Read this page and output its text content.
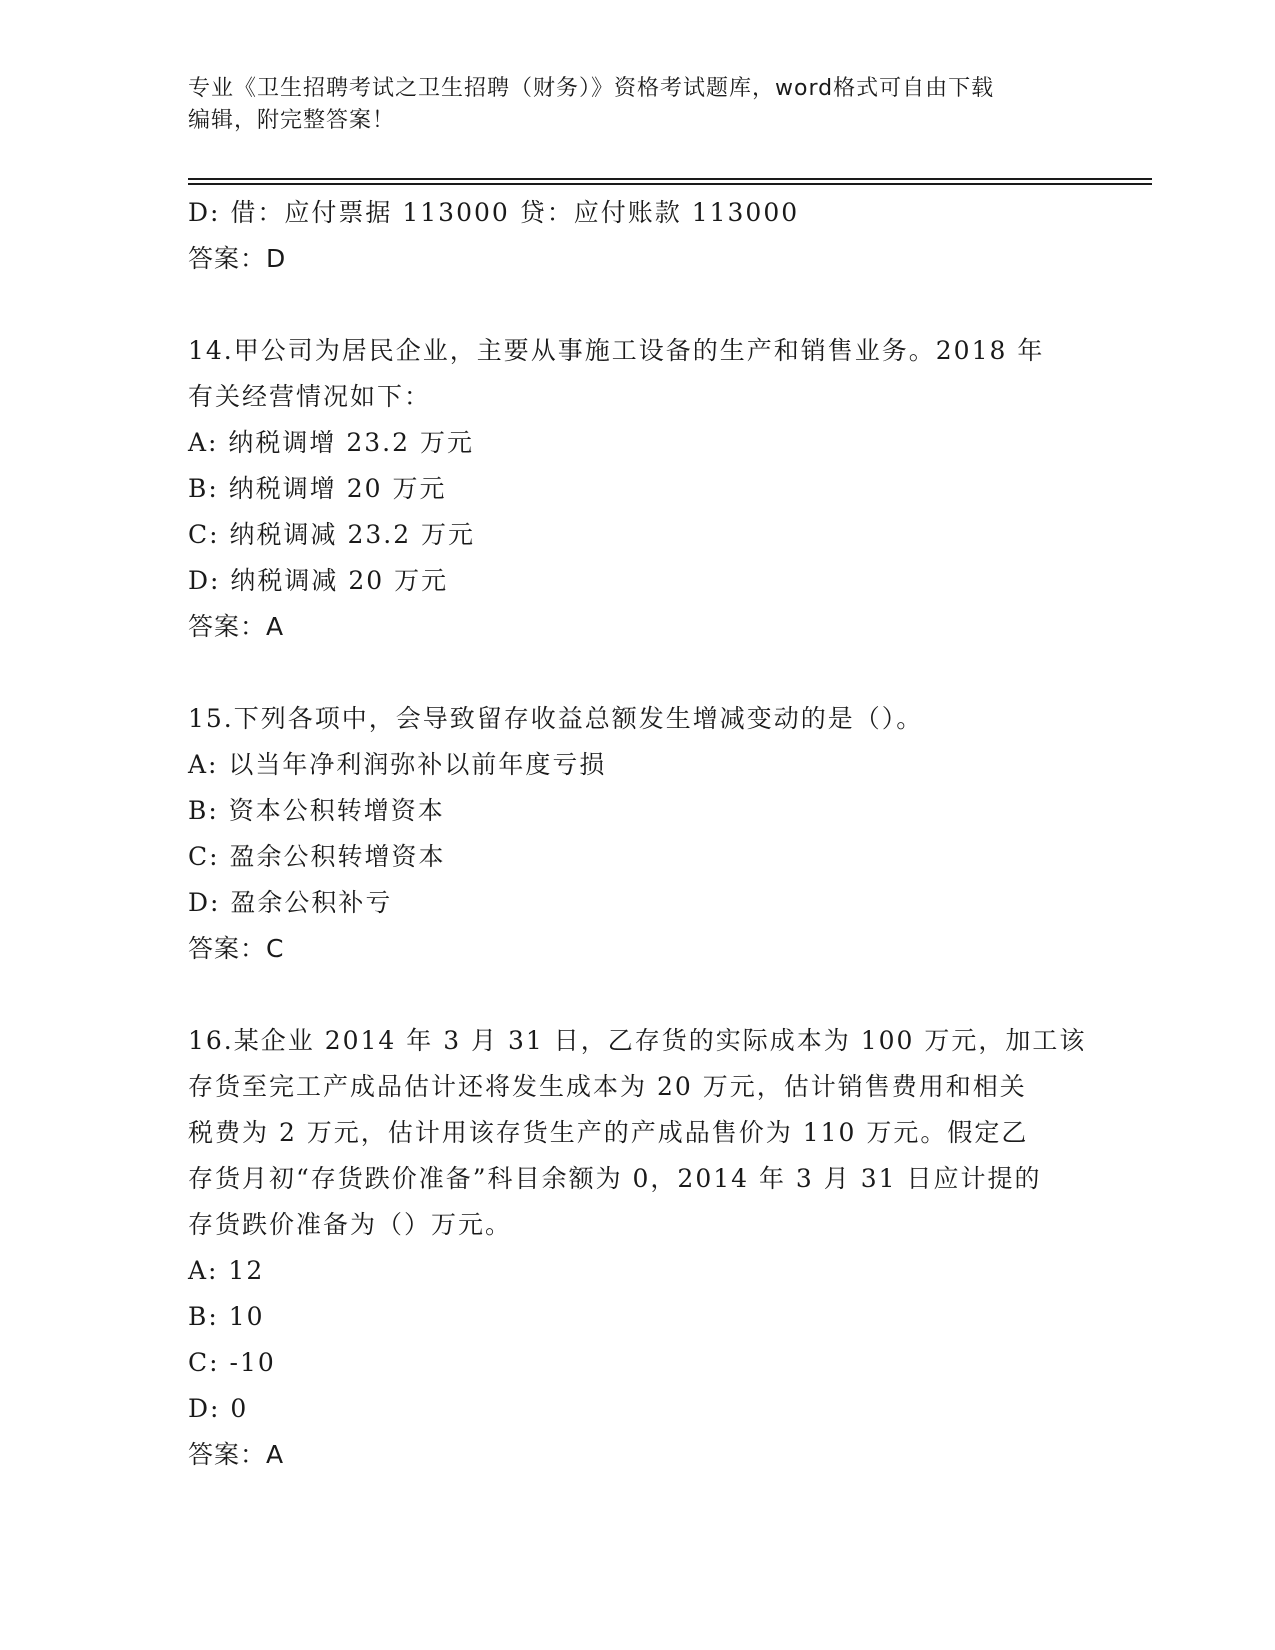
专业《卫生招聘考试之卫生招聘（财务）》资格考试题库，word格式可自由下载
编辑，附完整答案！
D: 借：应付票据 113000 贷：应付账款 113000
答案：D
14.甲公司为居民企业，主要从事施工设备的生产和销售业务。2018 年
有关经营情况如下：
A: 纳税调增 23.2 万元
B: 纳税调增 20 万元
C: 纳税调减 23.2 万元
D: 纳税调减 20 万元
答案：A
15.下列各项中，会导致留存收益总额发生增减变动的是（）。
A: 以当年净利润弥补以前年度亏损
B: 资本公积转增资本
C: 盈余公积转增资本
D: 盈余公积补亏
答案：C
16.某企业 2014 年 3 月 31 日，乙存货的实际成本为 100 万元，加工该
存货至完工产成品估计还将发生成本为 20 万元，估计销售费用和相关
税费为 2 万元，估计用该存货生产的产成品售价为 110 万元。假定乙
存货月初“存货跌价准备”科目余额为 0，2014 年 3 月 31 日应计提的
存货跌价准备为（）万元。
A: 12
B: 10
C: -10
D: 0
答案：A
